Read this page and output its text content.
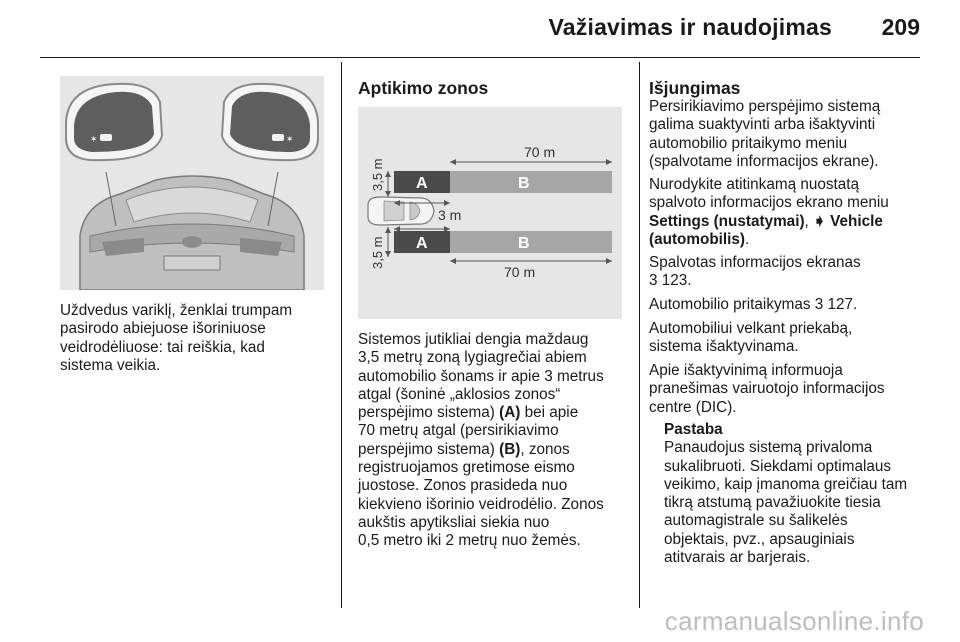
Važiavimas ir naudojimas 209
✶	✶
Uždvedus variklį, ženklai trumpam
pasirodo abiejuose išoriniuose
veidrodėliuose: tai reiškia, kad
sistema veikia.
Aptikimo zonos
70 m
A	B
3,5 m
3 m
A	B
3,5 m
70 m
Sistemos jutikliai dengia maždaug
3,5 metrų zoną lygiagrečiai abiem
automobilio šonams ir apie 3 metrus
atgal (šoninė „aklosios zonos“
perspėjimo sistema) (A) bei apie
70 metrų atgal (persirikiavimo
perspėjimo sistema) (B), zonos
registruojamos gretimose eismo
juostose. Zonos prasideda nuo
kiekvieno išorinio veidrodėlio. Zonos
aukštis apytiksliai siekia nuo
0,5 metro iki 2 metrų nuo žemės.
Išjungimas
Persirikiavimo perspėjimo sistemą
galima suaktyvinti arba išaktyvinti
automobilio pritaikymo meniu
(spalvotame informacijos ekrane).
Nurodykite atitinkamą nuostatą
spalvoto informacijos ekrano meniu
Settings (nustatymai), ➧ Vehicle
(automobilis).
Spalvotas informacijos ekranas
3 123.
Automobilio pritaikymas 3 127.
Automobiliui velkant priekabą,
sistema išaktyvinama.
Apie išaktyvinimą informuoja
pranešimas vairuotojo informacijos
centre (DIC).
Pastaba
Panaudojus sistemą privaloma
sukalibruoti. Siekdami optimalaus
veikimo, kaip įmanoma greičiau tam
tikrą atstumą pavažiuokite tiesia
automagistrale su šalikelės
objektais, pvz., apsauginiais
atitvarais ar barjerais.
carmanualsonline.info
